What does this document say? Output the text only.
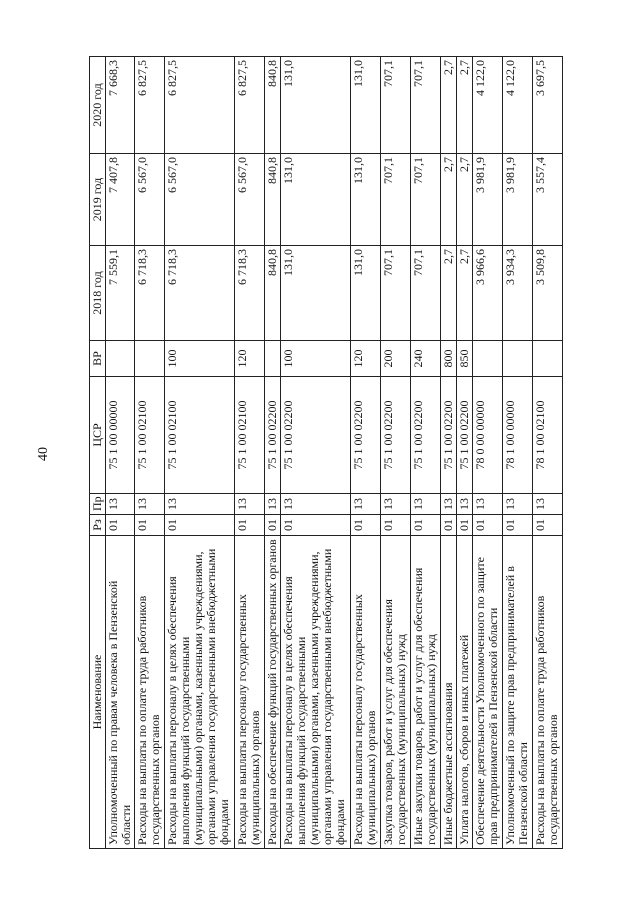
40
Наименование	Рз	Пр	ЦСР	ВР	2018 год	2019 год	2020 год
Уполномоченный по правам человека в Пензенской области	01	13	75 1 00 00000		7 559,1	7 407,8	7 668,3
Расходы на выплаты по оплате труда работников государственных органов	01	13	75 1 00 02100		6 718,3	6 567,0	6 827,5
Расходы на выплаты персоналу в целях обеспечения выполнения функций государственными (муниципальными) органами, казенными учреждениями, органами управления государственными внебюджетными фондами	01	13	75 1 00 02100	100	6 718,3	6 567,0	6 827,5
Расходы на выплаты персоналу государственных (муниципальных) органов	01	13	75 1 00 02100	120	6 718,3	6 567,0	6 827,5
Расходы на обеспечение функций государственных органов	01	13	75 1 00 02200		840,8	840,8	840,8
Расходы на выплаты персоналу в целях обеспечения выполнения функций государственными (муниципальными) органами, казенными учреждениями, органами управления государственными внебюджетными фондами	01	13	75 1 00 02200	100	131,0	131,0	131,0
Расходы на выплаты персоналу государственных (муниципальных) органов	01	13	75 1 00 02200	120	131,0	131,0	131,0
Закупка товаров, работ и услуг для обеспечения государственных (муниципальных) нужд	01	13	75 1 00 02200	200	707,1	707,1	707,1
Иные закупки товаров, работ и услуг для обеспечения государственных (муниципальных) нужд	01	13	75 1 00 02200	240	707,1	707,1	707,1
Иные бюджетные ассигнования	01	13	75 1 00 02200	800	2,7	2,7	2,7
Уплата налогов, сборов и иных платежей	01	13	75 1 00 02200	850	2,7	2,7	2,7
Обеспечение деятельности Уполномоченного по защите прав предпринимателей в Пензенской области	01	13	78 0 00 00000		3 966,6	3 981,9	4 122,0
Уполномоченный по защите прав предпринимателей в Пензенской области	01	13	78 1 00 00000		3 934,3	3 981,9	4 122,0
Расходы на выплаты по оплате труда работников государственных органов	01	13	78 1 00 02100		3 509,8	3 557,4	3 697,5
